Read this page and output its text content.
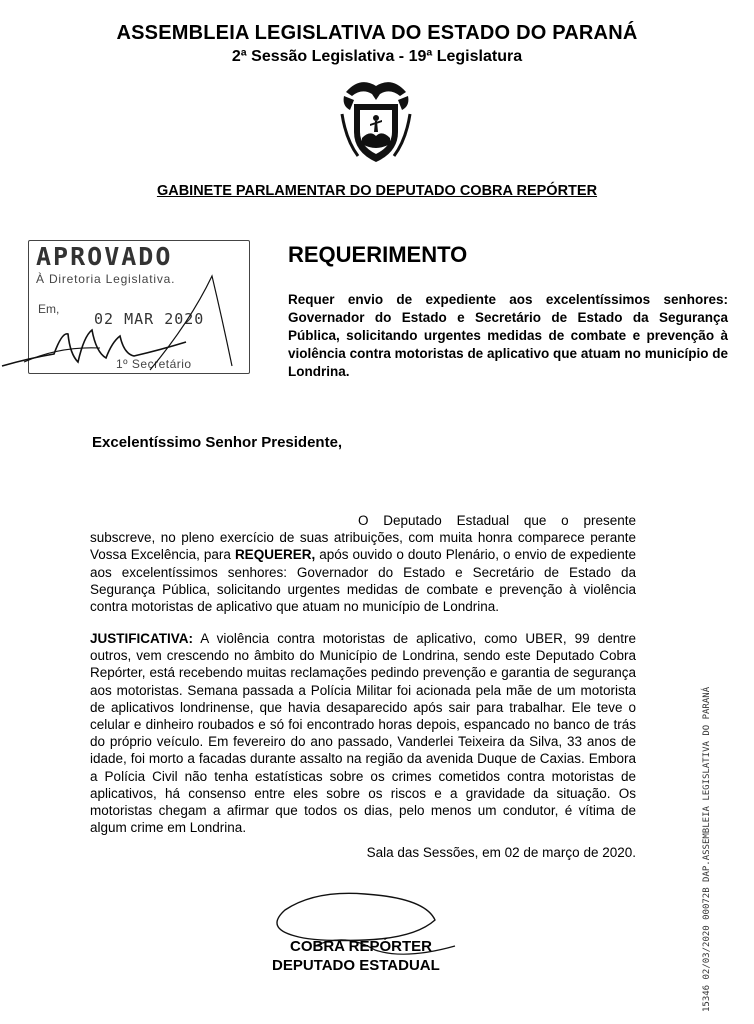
ASSEMBLEIA LEGISLATIVA DO ESTADO DO PARANÁ
2ª Sessão Legislativa - 19ª Legislatura
GABINETE PARLAMENTAR DO DEPUTADO COBRA REPÓRTER
APROVADO
À Diretoria Legislativa.
Em,
02 MAR 2020
1º Secretário
REQUERIMENTO
Requer envio de expediente aos excelentíssimos senhores: Governador do Estado e Secretário de Estado da Segurança Pública, solicitando urgentes medidas de combate e prevenção à violência contra motoristas de aplicativo que atuam no município de Londrina.
Excelentíssimo Senhor Presidente,
O Deputado Estadual que o presente subscreve, no pleno exercício de suas atribuições, com muita honra comparece perante Vossa Excelência, para REQUERER, após ouvido o douto Plenário, o envio de expediente aos excelentíssimos senhores: Governador do Estado e Secretário de Estado da Segurança Pública, solicitando urgentes medidas de combate e prevenção à violência contra motoristas de aplicativo que atuam no município de Londrina.
JUSTIFICATIVA: A violência contra motoristas de aplicativo, como UBER, 99 dentre outros, vem crescendo no âmbito do Município de Londrina, sendo este Deputado Cobra Repórter, está recebendo muitas reclamações pedindo prevenção e garantia de segurança aos motoristas. Semana passada a Polícia Militar foi acionada pela mãe de um motorista de aplicativos londrinense, que havia desaparecido após sair para trabalhar. Ele teve o celular e dinheiro roubados e só foi encontrado horas depois, espancado no banco de trás do próprio veículo. Em fevereiro do ano passado, Vanderlei Teixeira da Silva, 33 anos de idade, foi morto a facadas durante assalto na região da avenida Duque de Caxias. Embora a Polícia Civil não tenha estatísticas sobre os crimes cometidos contra motoristas de aplicativos, há consenso entre eles sobre os riscos e a gravidade da situação. Os motoristas chegam a afirmar que todos os dias, pelo menos um condutor, é vítima de algum crime em Londrina.
Sala das Sessões, em 02 de março de 2020.
COBRA REPÓRTER
DEPUTADO ESTADUAL	15346 02/03/2020 00072B DAP.ASSEMBLEIA LEGISLATIVA DO PARANÁ
